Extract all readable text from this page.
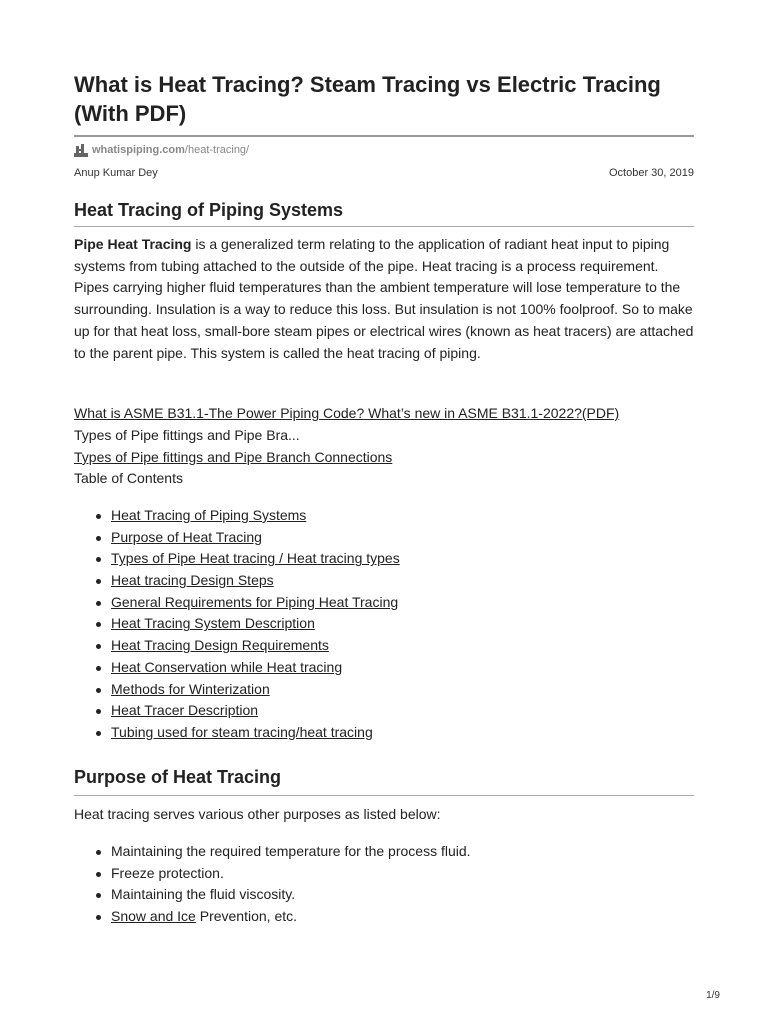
What is Heat Tracing? Steam Tracing vs Electric Tracing (With PDF)
whatispiping.com /heat-tracing/
Anup Kumar Dey	October 30, 2019
Heat Tracing of Piping Systems

Pipe Heat Tracing is a generalized term relating to the application of radiant heat input to piping systems from tubing attached to the outside of the pipe. Heat tracing is a process requirement. Pipes carrying higher fluid temperatures than the ambient temperature will lose temperature to the surrounding. Insulation is a way to reduce this loss. But insulation is not 100% foolproof. So to make up for that heat loss, small-bore steam pipes or electrical wires (known as heat tracers) are attached to the parent pipe. This system is called the heat tracing of piping.

What is ASME B31.1-The Power Piping Code? What’s new in ASME B31.1-2022?(PDF)
Types of Pipe fittings and Pipe Bra...
Types of Pipe fittings and Pipe Branch Connections
Table of Contents
Heat Tracing of Piping Systems
Purpose of Heat Tracing
Types of Pipe Heat tracing / Heat tracing types
Heat tracing Design Steps
General Requirements for Piping Heat Tracing
Heat Tracing System Description
Heat Tracing Design Requirements
Heat Conservation while Heat tracing
Methods for Winterization
Heat Tracer Description
Tubing used for steam tracing/heat tracing
Purpose of Heat Tracing
Heat tracing serves various other purposes as listed below:
Maintaining the required temperature for the process fluid.
Freeze protection.
Maintaining the fluid viscosity.
Snow and Ice Prevention, etc.
1/9
